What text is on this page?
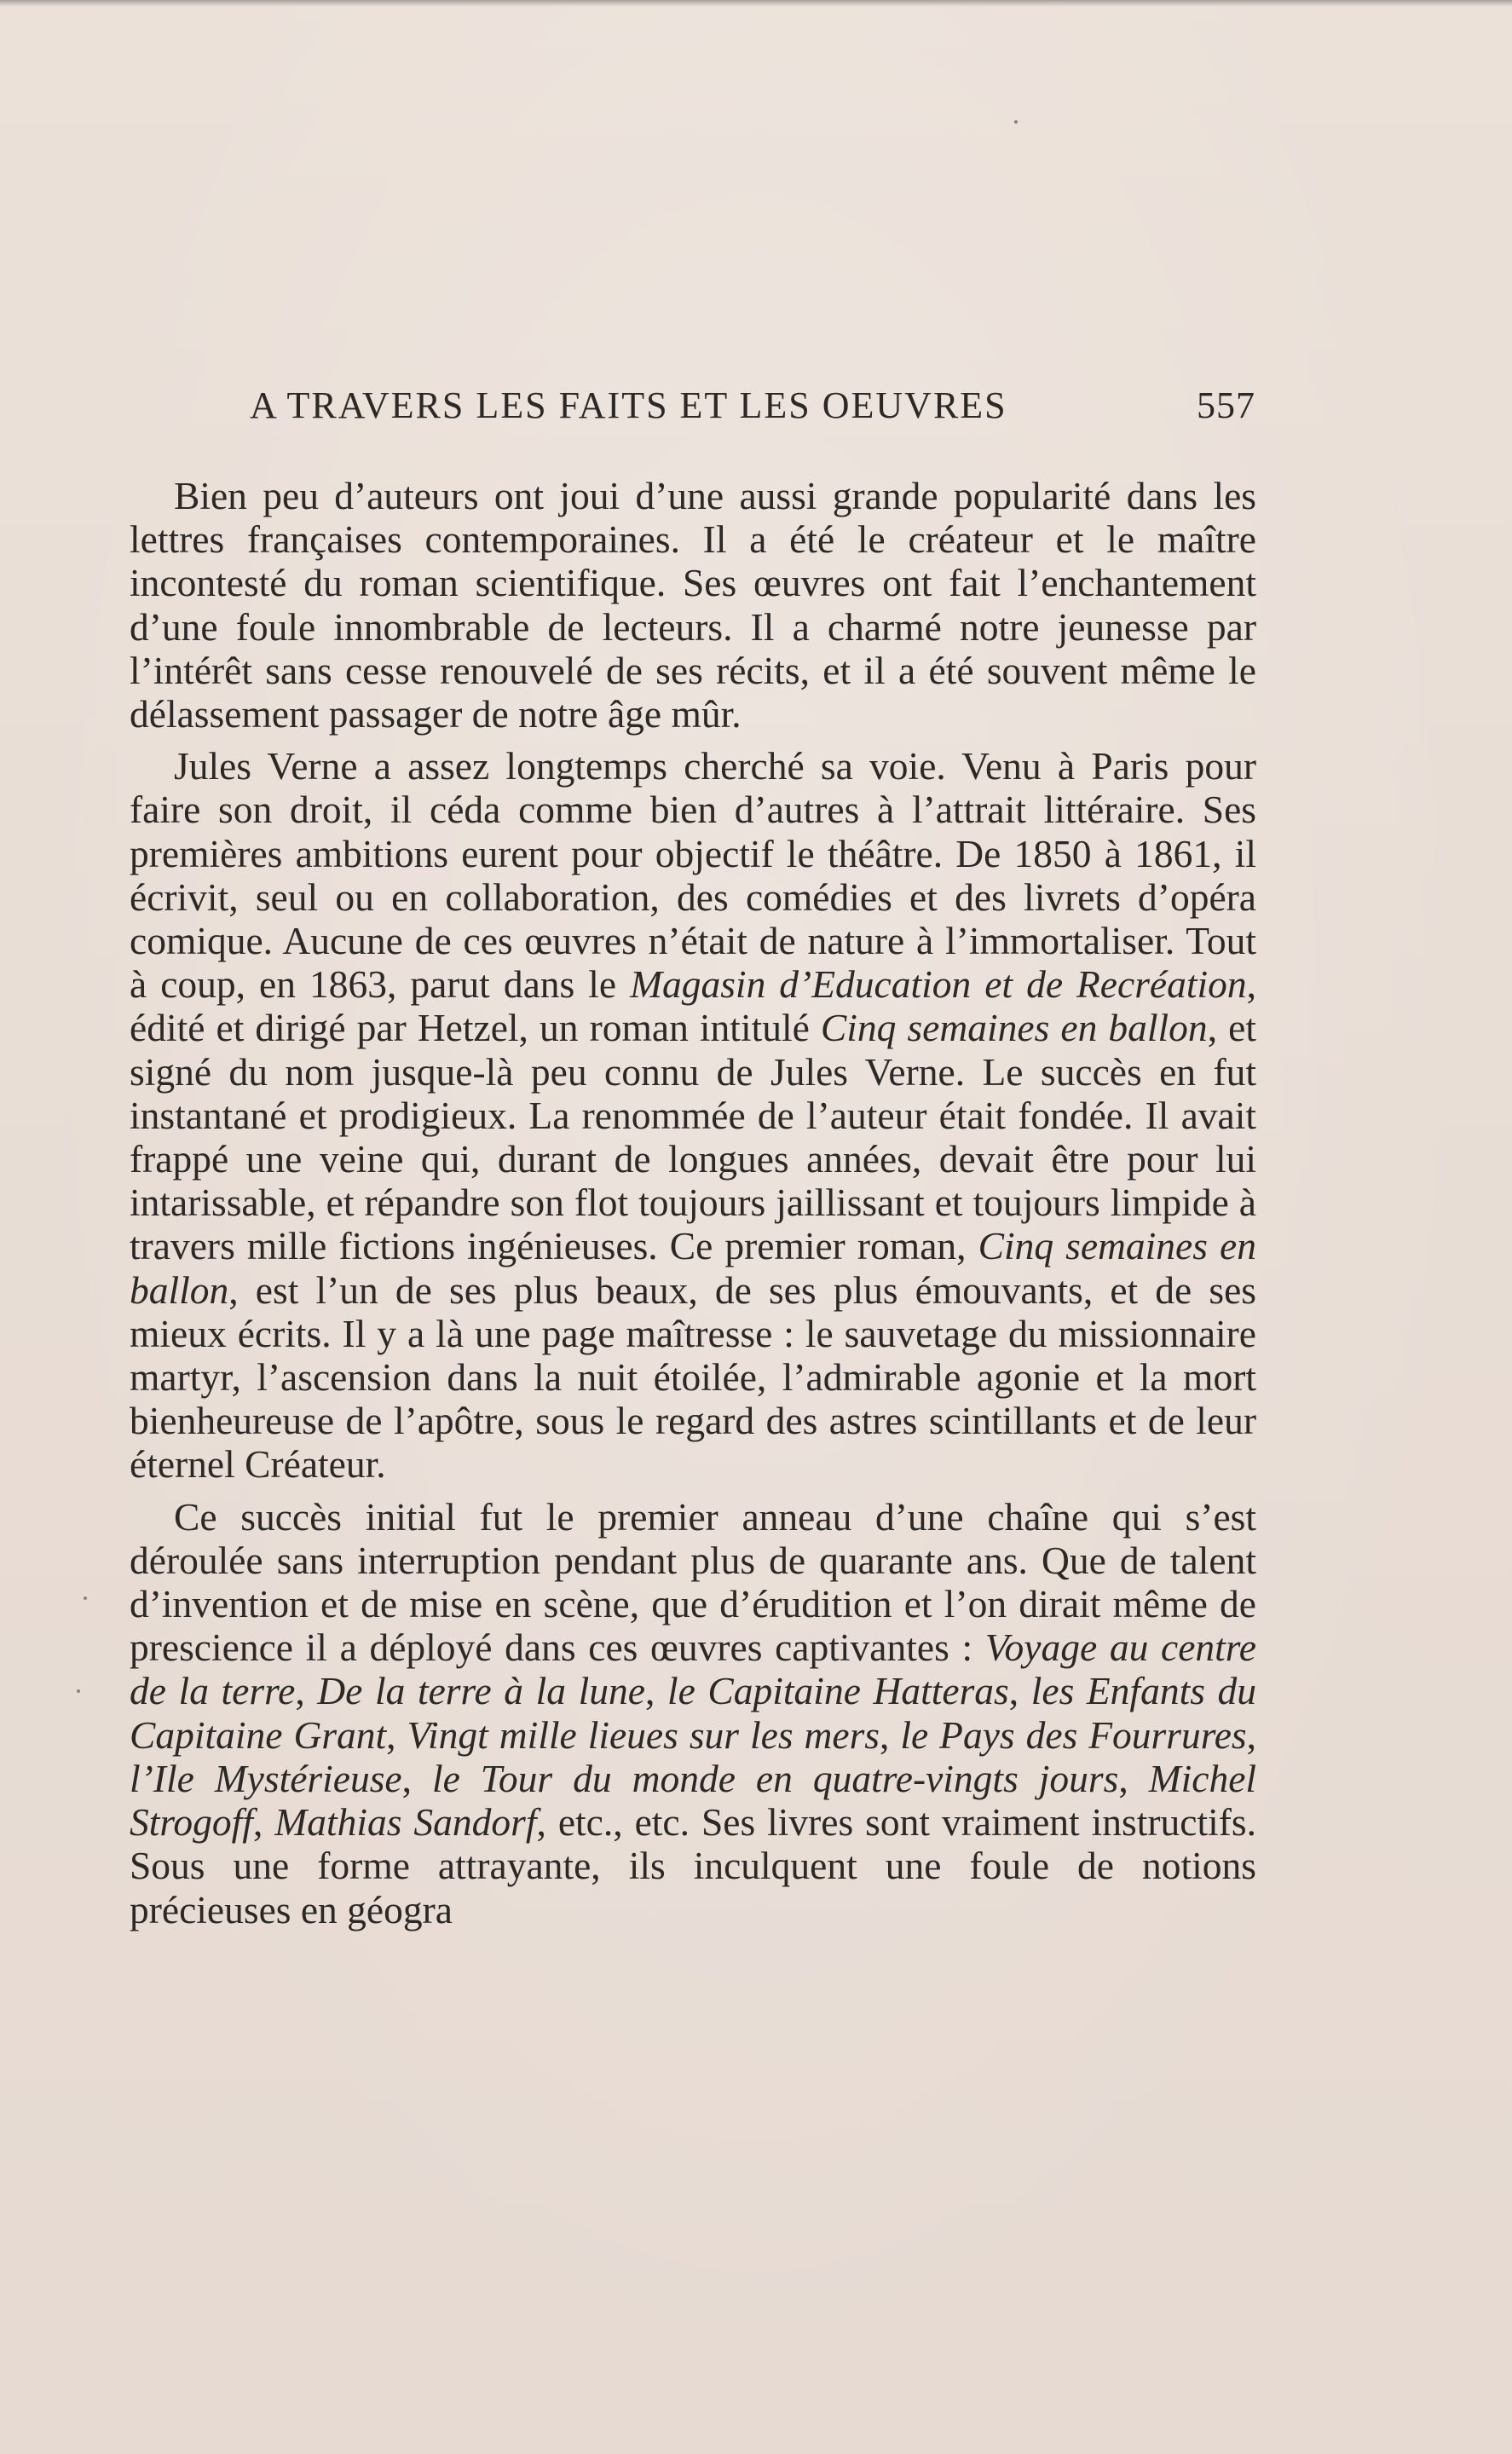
A TRAVERS LES FAITS ET LES OEUVRES	557

Bien peu d’auteurs ont joui d’une aussi grande popularité dans les lettres françaises contemporaines. Il a été le créateur et le maître incontesté du roman scientifique. Ses œuvres ont fait l’enchantement d’une foule innombrable de lecteurs. Il a charmé notre jeunesse par l’intérêt sans cesse renouvelé de ses récits, et il a été souvent même le délassement passager de notre âge mûr.

Jules Verne a assez longtemps cherché sa voie. Venu à Paris pour faire son droit, il céda comme bien d’autres à l’attrait littéraire. Ses premières ambitions eurent pour objectif le théâtre. De 1850 à 1861, il écrivit, seul ou en collaboration, des comédies et des livrets d’opéra comique. Aucune de ces œuvres n’était de nature à l’immortaliser. Tout à coup, en 1863, parut dans le Magasin d’Education et de Recréation, édité et dirigé par Hetzel, un roman intitulé Cinq semaines en ballon, et signé du nom jusque-là peu connu de Jules Verne. Le succès en fut instantané et prodigieux. La renommée de l’auteur était fondée. Il avait frappé une veine qui, durant de longues années, devait être pour lui intarissable, et répandre son flot toujours jaillissant et toujours limpide à travers mille fictions ingénieuses. Ce premier roman, Cinq semaines en ballon, est l’un de ses plus beaux, de ses plus émouvants, et de ses mieux écrits. Il y a là une page maîtresse : le sauvetage du missionnaire martyr, l’ascension dans la nuit étoilée, l’admirable agonie et la mort bienheureuse de l’apôtre, sous le regard des astres scintillants et de leur éternel Créateur.

Ce succès initial fut le premier anneau d’une chaîne qui s’est déroulée sans interruption pendant plus de quarante ans. Que de talent d’invention et de mise en scène, que d’érudition et l’on dirait même de prescience il a déployé dans ces œuvres captivantes : Voyage au centre de la terre, De la terre à la lune, le Capitaine Hatteras, les Enfants du Capitaine Grant, Vingt mille lieues sur les mers, le Pays des Fourrures, l’Ile Mystérieuse, le Tour du monde en quatre-vingts jours, Michel Strogoff, Mathias Sandorf, etc., etc. Ses livres sont vraiment instructifs. Sous une forme attrayante, ils inculquent une foule de notions précieuses en géogra
